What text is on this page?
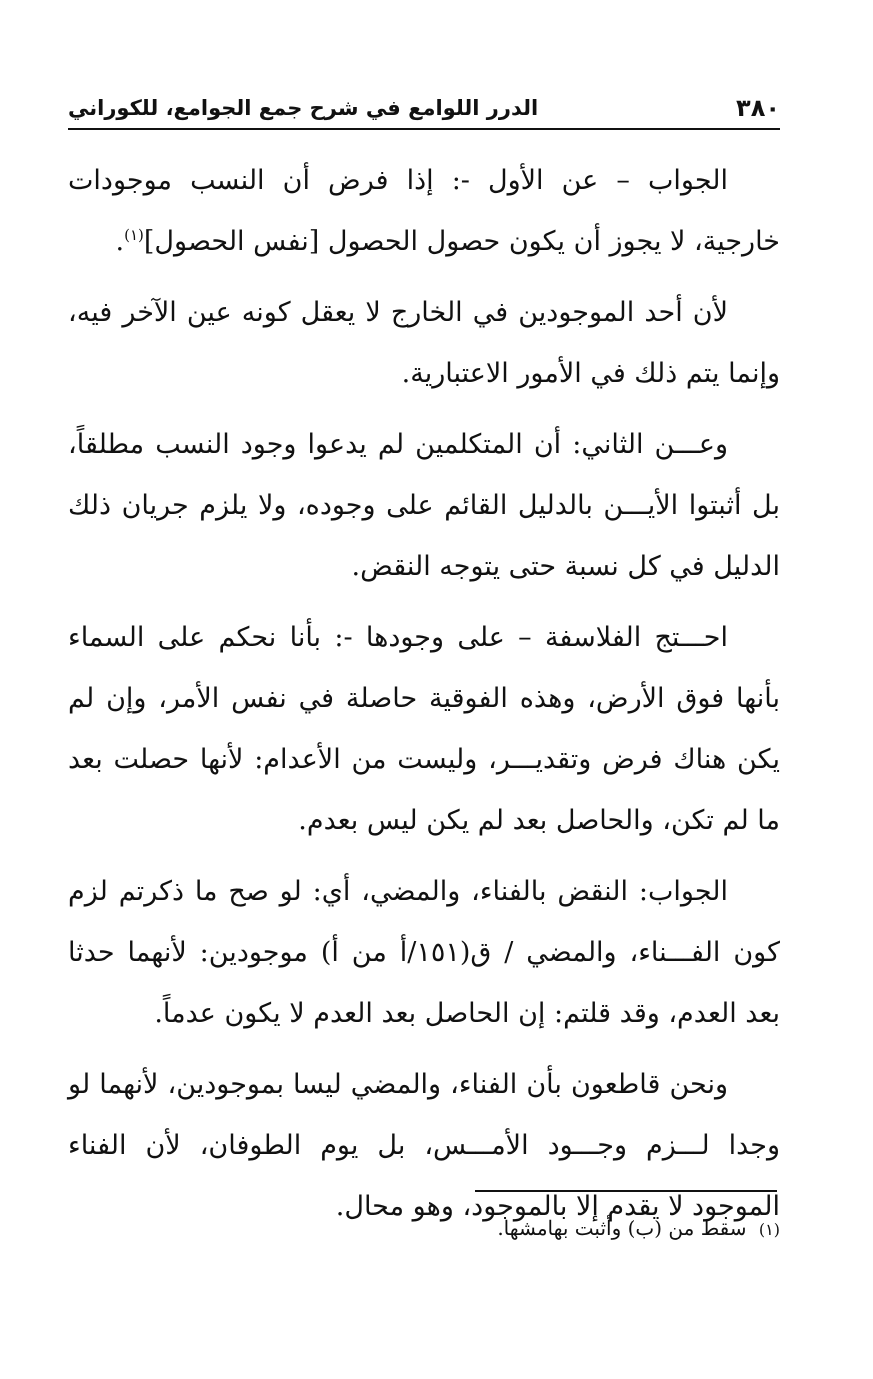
٣٨٠
الدرر اللوامع في شرح جمع الجوامع، للكوراني

الجواب – عن الأول -: إذا فرض أن النسب موجودات خارجية، لا يجوز أن يكون حصول الحصول [نفس الحصول]$^{(١)}$.

لأن أحد الموجودين في الخارج لا يعقل كونه عين الآخر فيه، وإنما يتم ذلك في الأمور الاعتبارية.

وعـــن الثاني: أن المتكلمين لم يدعوا وجود النسب مطلقاً، بل أثبتوا الأيـــن بالدليل القائم على وجوده، ولا يلزم جريان ذلك الدليل في كل نسبة حتى يتوجه النقض.

احـــتج الفلاسفة – على وجودها -: بأنا نحكم على السماء بأنها فوق الأرض، وهذه الفوقية حاصلة في نفس الأمر، وإن لم يكن هناك فرض وتقديـــر، وليست من الأعدام: لأنها حصلت بعد ما لم تكن، والحاصل بعد لم يكن ليس بعدم.

الجواب: النقض بالفناء، والمضي، أي: لو صح ما ذكرتم لزم كون الفـــناء، والمضي / ق(١٥١/أ من أ) موجودين: لأنهما حدثا بعد العدم، وقد قلتم: إن الحاصل بعد العدم لا يكون عدماً.

ونحن قاطعون بأن الفناء، والمضي ليسا بموجودين، لأنهما لو وجدا لـــزم وجـــود الأمـــس، بل يوم الطوفان، لأن الفناء الموجود لا يقدم إلا بالموجود، وهو محال.

(١) سقط من (ب) وأثبت بهامشها.
